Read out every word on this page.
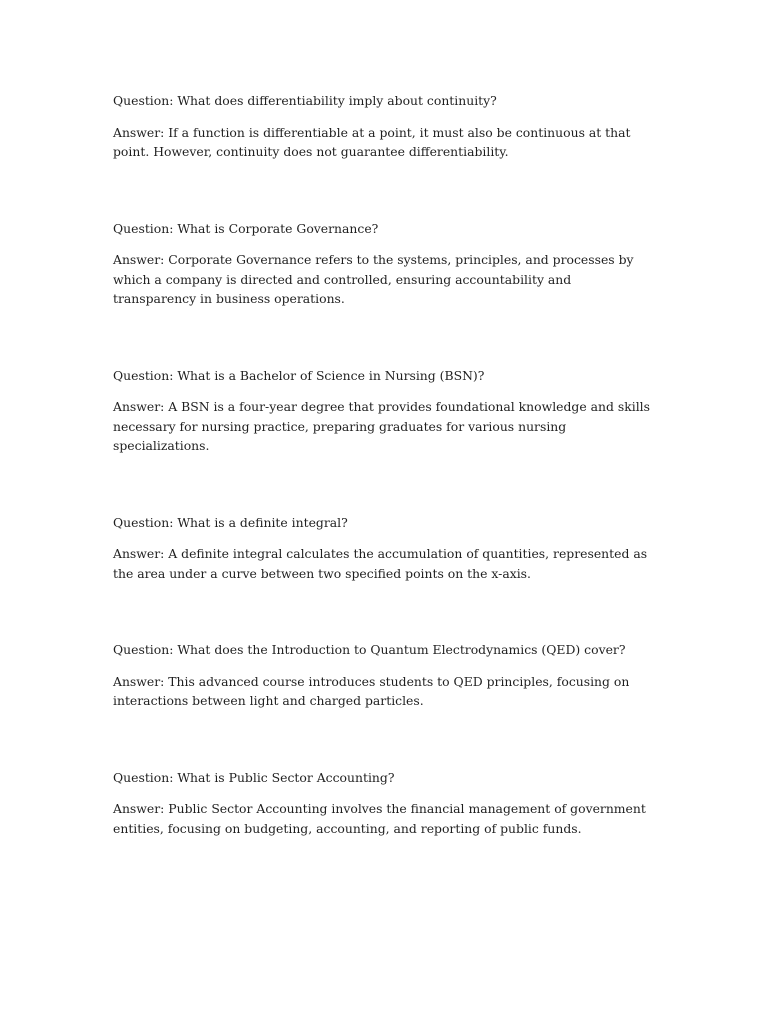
Question: What does differentiability imply about continuity?

Answer: If a function is differentiable at a point, it must also be continuous at that point. However, continuity does not guarantee differentiability.

Question: What is Corporate Governance?

Answer: Corporate Governance refers to the systems, principles, and processes by which a company is directed and controlled, ensuring accountability and transparency in business operations.

Question: What is a Bachelor of Science in Nursing (BSN)?

Answer: A BSN is a four-year degree that provides foundational knowledge and skills necessary for nursing practice, preparing graduates for various nursing specializations.

Question: What is a definite integral?

Answer: A definite integral calculates the accumulation of quantities, represented as the area under a curve between two specified points on the x-axis.

Question: What does the Introduction to Quantum Electrodynamics (QED) cover?

Answer: This advanced course introduces students to QED principles, focusing on interactions between light and charged particles.

Question: What is Public Sector Accounting?

Answer: Public Sector Accounting involves the financial management of government entities, focusing on budgeting, accounting, and reporting of public funds.
